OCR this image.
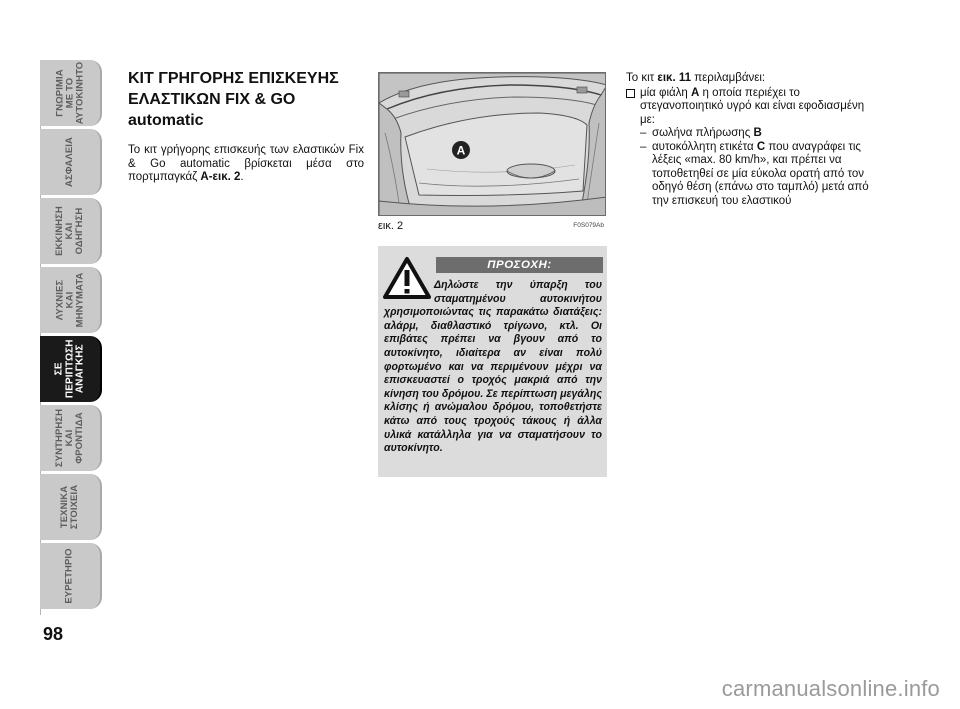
ΓΝΩΡΙΜΙΑ
ΜΕ ΤΟ
ΑΥΤΟΚΙΝΗΤΟ
ΑΣΦΑΛΕΙΑ
ΕΚΚΙΝΗΣΗ
ΚΑΙ
ΟΔΗΓΗΣΗ
ΛΥΧΝΙΕΣ
ΚΑΙ
ΜΗΝΥΜΑΤΑ
ΣΕ
ΠΕΡΙΠΤΩΣΗ
ΑΝΑΓΚΗΣ
ΣΥΝΤΗΡΗΣΗ
ΚΑΙ
ΦΡΟΝΤΙΔΑ
ΤΕΧΝΙΚΑ
ΣΤΟΙΧΕΙΑ
ΕΥΡΕΤΗΡΙΟ
98
ΚΙΤ ΓΡΗΓΟΡΗΣ ΕΠΙΣΚΕΥΗΣ ΕΛΑΣΤΙΚΩΝ FIX & GO automatic
Το κιτ γρήγορης επισκευής των ελαστικών Fix & Go automatic βρίσκεται μέσα στο πορτμπαγκάζ A-εικ. 2.
A
εικ. 2	F0S079Ab
ΠΡΟΣΟΧΗ:
Δηλώστε την ύπαρξη του σταματημένου αυτοκινήτου χρησιμοποιώντας τις παρακάτω διατάξεις: αλάρμ, διαθλαστικό τρίγωνο, κτλ. Οι επιβάτες πρέπει να βγουν από το αυτοκίνητο, ιδιαίτερα αν είναι πολύ φορτωμένο και να περιμένουν μέχρι να επισκευαστεί ο τροχός μακριά από την κίνηση του δρόμου. Σε περίπτωση μεγάλης κλίσης ή ανώμαλου δρόμου, τοποθετήστε κάτω από τους τροχούς τάκους ή άλλα υλικά κατάλληλα για να σταματήσουν το αυτοκίνητο.
Το κιτ εικ. 11 περιλαμβάνει:
μία φιάλη A η οποία περιέχει το στεγανοποιητικό υγρό και είναι εφοδιασμένη με:
– σωλήνα πλήρωσης B
– αυτοκόλλητη ετικέτα C που αναγράφει τις λέξεις «max. 80 km/h», και πρέπει να τοποθετηθεί σε μία εύκολα ορατή από τον οδηγό θέση (επάνω στο ταμπλό) μετά από την επισκευή του ελαστικού
carmanualsonline.info
